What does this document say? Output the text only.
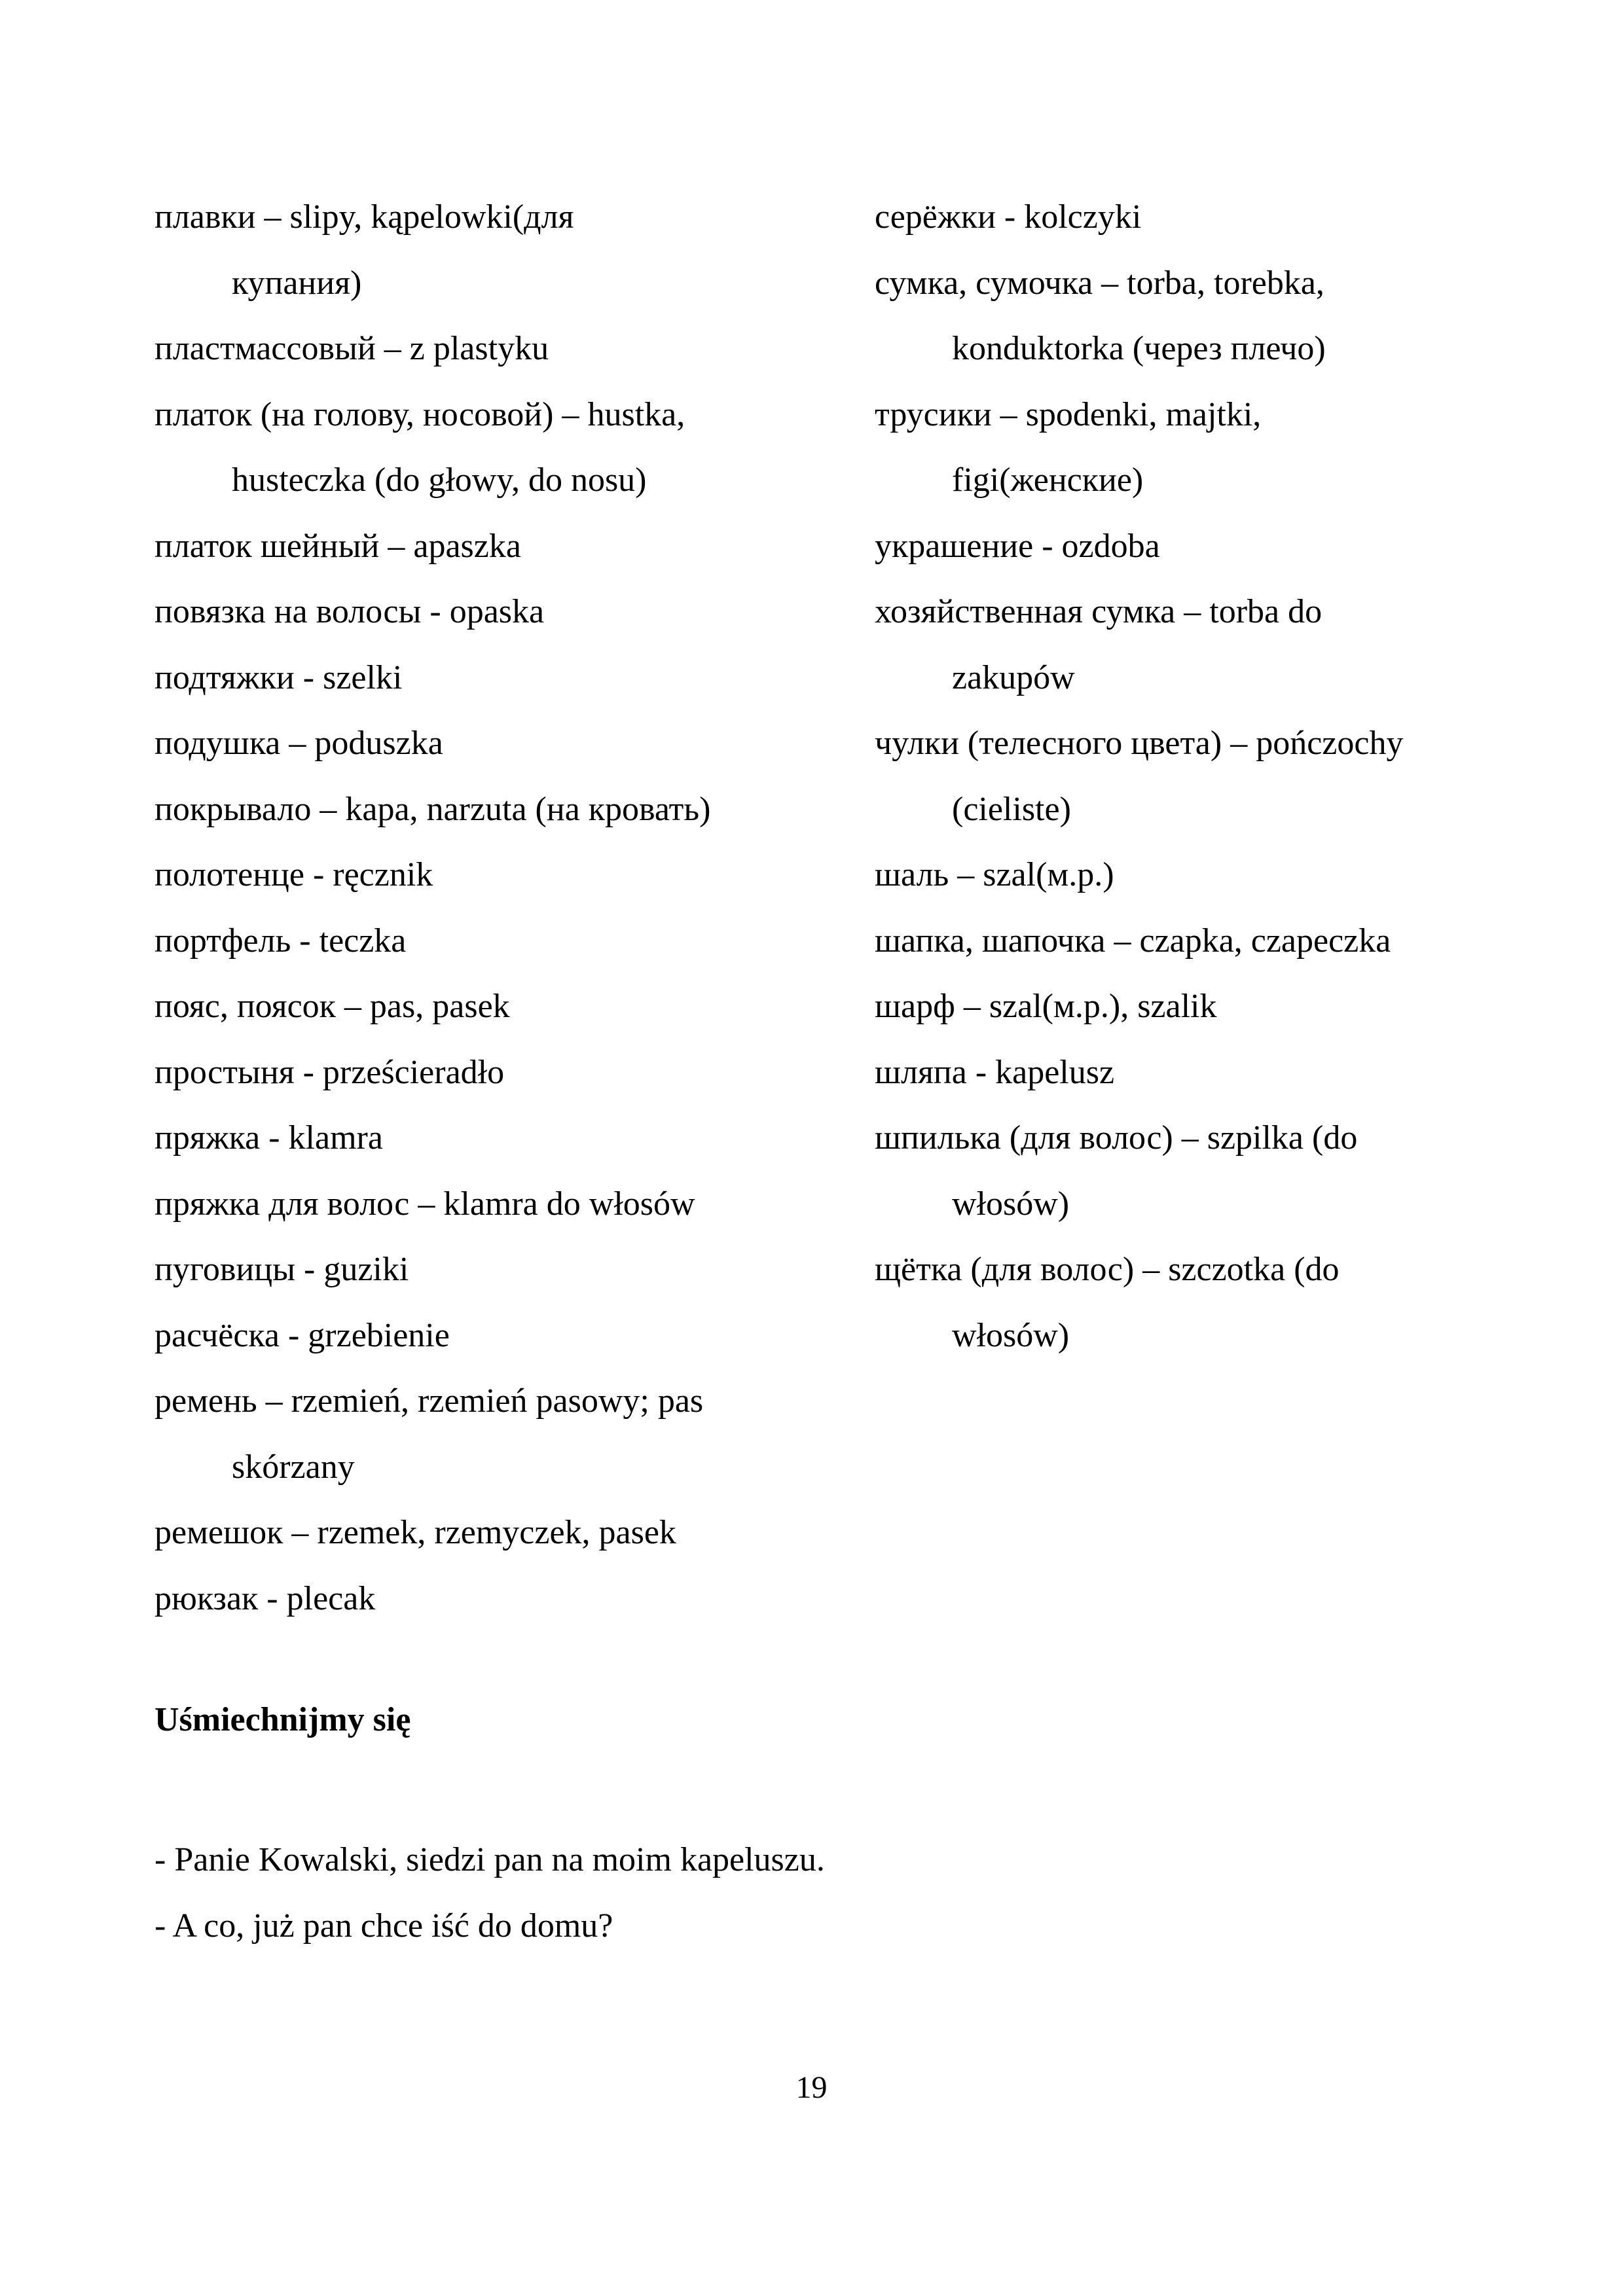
плавки – slipy, kąpelowki(для
купания)
пластмассовый – z plastyku
платок (на голову, носовой) – hustka,
husteczka (do głowy, do nosu)
платок шейный – apaszka
повязка на волосы - opaska
подтяжки - szelki
подушка – poduszka
покрывало – kapa, narzuta (на кровать)
полотенце - ręcznik
портфель - teczka
пояс, поясок – pas, pasek
простыня - prześcieradło
пряжка - klamra
пряжка для волос – klamra do włosów
пуговицы - guziki
расчёска - grzebienie
ремень – rzemień, rzemień pasowy; pas
skórzany
ремешок – rzemek, rzemyczek, pasek
рюкзак - plecak
серёжки - kolczyki
сумка, сумочка – torba, torebka,
konduktorka (через плечо)
трусики – spodenki, majtki,
figi(женские)
украшение - ozdoba
хозяйственная сумка – torba do
zakupów
чулки (телесного цвета) – pończochy
(cieliste)
шаль – szal(м.р.)
шапка, шапочка – czapka, czapeczka
шарф – szal(м.р.), szalik
шляпа - kapelusz
шпилька (для волос) – szpilka (do
włosów)
щётка (для волос) – szczotka (do
włosów)
Uśmiechnijmy się
- Panie Kowalski, siedzi pan na moim kapeluszu.
- A co, już pan chce iść do domu?
19
